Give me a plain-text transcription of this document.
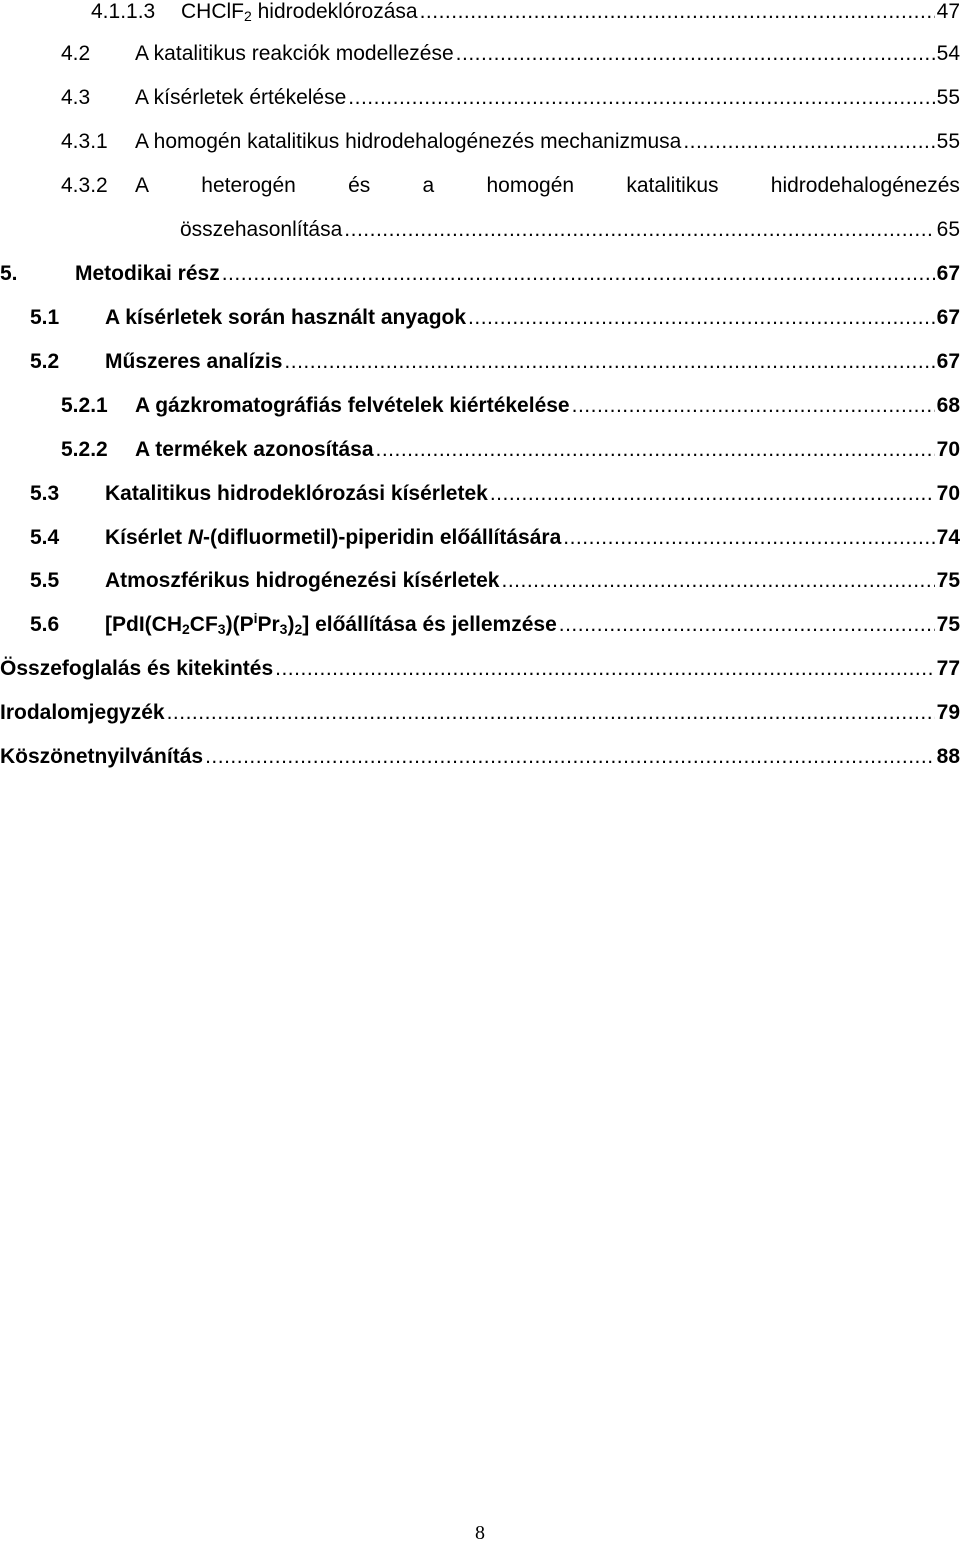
4.1.1.3 CHClF$_2$ hidrodeklórozása .....	47
4.2 A katalitikus reakciók modellezése .....	54
4.3 A kísérletek értékelése .....	55
4.3.1 A homogén katalitikus hidrodehalogénezés mechanizmusa .....	55
4.3.2 A heterogén és a homogén katalitikus hidrodehalogénezés
összehasonlítása .....	65
5.	Metodikai rész .....	67
5.1 A kísérletek során használt anyagok .....	67
5.2 Műszeres analízis .....	67
5.2.1 A gázkromatográfiás felvételek kiértékelése .....	68
5.2.2 A termékek azonosítása .....	70
5.3 Katalitikus hidrodeklórozási kísérletek .....	70
5.4 Kísérlet N-(difluormetil)-piperidin előállítására .....	74
5.5 Atmoszférikus hidrogénezési kísérletek .....	75
5.6 $[PdI(CH_2CF_3)(P^iPr_3)_2]$ előállítása és jellemzése .....	75
Összefoglalás és kitekintés .....	77
Irodalomjegyzék .....	79
Köszönetnyilvánítás .....	88
8
